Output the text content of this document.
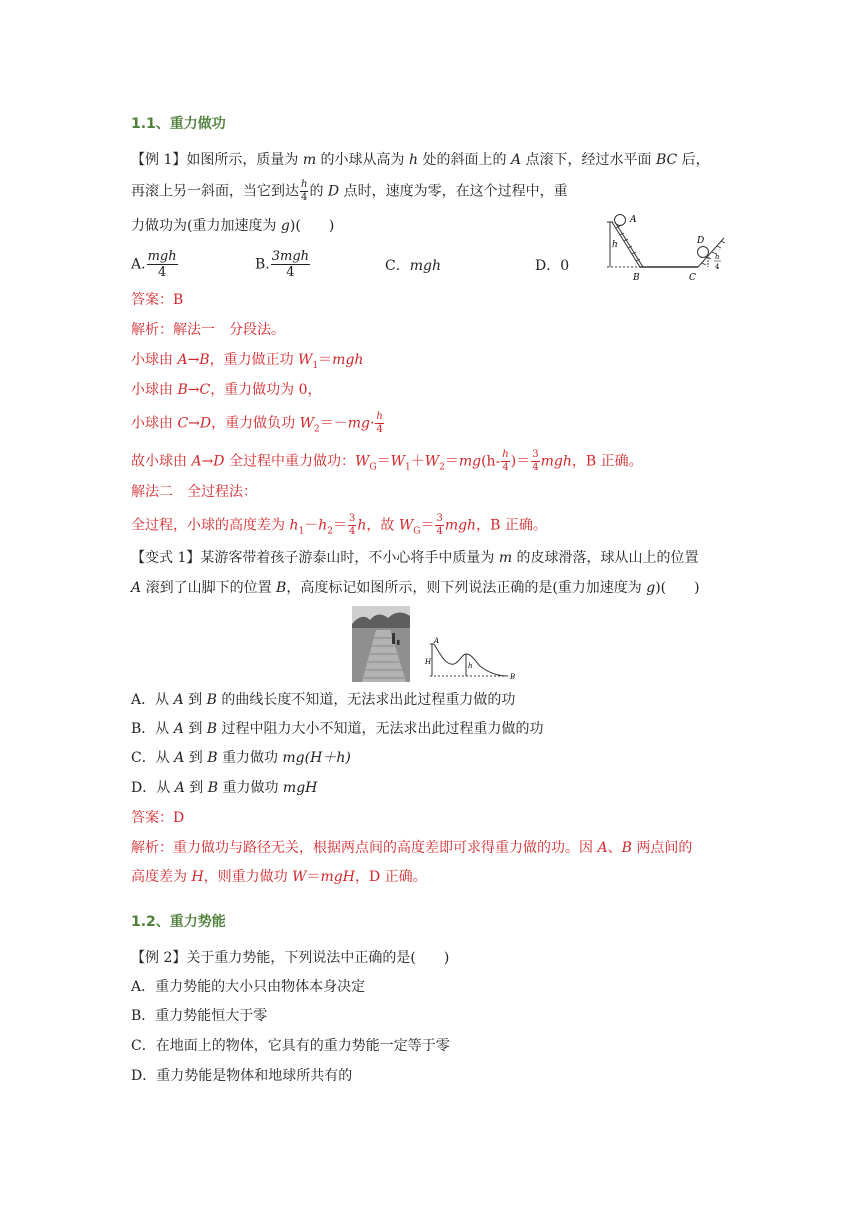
1.1、重力做功
【例 1】如图所示，质量为 m 的小球从高为 h 处的斜面上的 A 点滚下，经过水平面 BC 后，
再滚上另一斜面，当它到达 $\frac{h}{4}$ 的 D 点时，速度为零，在这个过程中，重
力做功为(重力加速度为 g)(　　)
A. $\frac{\text{mgh}}{4}$	B. $\frac{\text{3mgh}}{4}$	C．mgh	D．0
A
h
B	C
D
h
4
答案：B
解析：解法一　分段法。
小球由 A→B，重力做正功 $W_1=mgh$
小球由 B→C，重力做功为 0，
小球由 C→D，重力做负功 $W_2=-mg\cdot \frac{h}{4}$
故小球由 A→D 全过程中重力做功：$W_G=W_1+W_2=mg(h- \frac{h}{4}$ )＝ $\frac{3}{4}$ mgh，B 正确。
解法二　全过程法：
全过程，小球的高度差为 $h_1-h_2= \frac{3}{4}$ h，故 $W_G= \frac{3}{4}$ mgh，B 正确。
【变式 1】某游客带着孩子游泰山时，不小心将手中质量为 m 的皮球滑落，球从山上的位置
A 滚到了山脚下的位置 B，高度标记如图所示，则下列说法正确的是(重力加速度为 g)(　　)
A
H	h
B
A．从 A 到 B 的曲线长度不知道，无法求出此过程重力做的功
B．从 A 到 B 过程中阻力大小不知道，无法求出此过程重力做的功
C．从 A 到 B 重力做功 mg(H＋h)
D．从 A 到 B 重力做功 mgH
答案：D
解析：重力做功与路径无关，根据两点间的高度差即可求得重力做的功。因 A、B 两点间的
高度差为 H，则重力做功 W＝mgH，D 正确。
1.2、重力势能
【例 2】关于重力势能，下列说法中正确的是(　　)
A．重力势能的大小只由物体本身决定
B．重力势能恒大于零
C．在地面上的物体，它具有的重力势能一定等于零
D．重力势能是物体和地球所共有的
